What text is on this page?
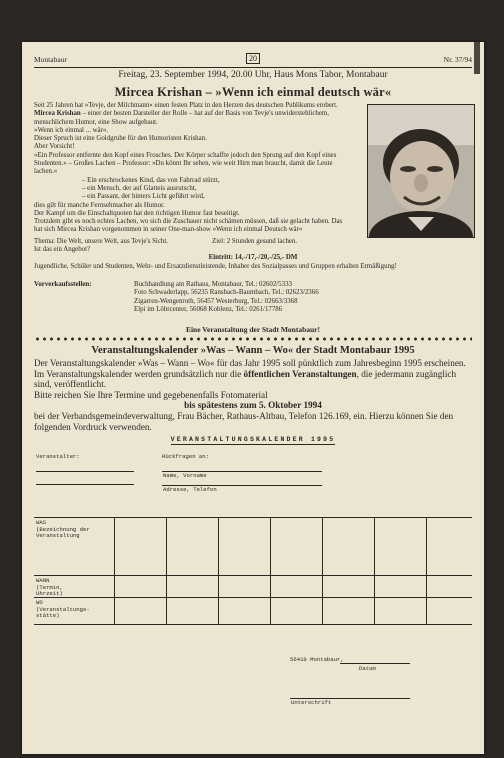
Montabaur	20	Nr. 37/94
Freitag, 23. September 1994, 20.00 Uhr, Haus Mons Tabor, Montabaur
Mircea Krishan – »Wenn ich einmal deutsch wär«

Seit 25 Jahren hat »Tevje, der Milchmann« einen festen Platz in den Herzen des deutschen Publikums erobert.

Mircea Krishan – einer der besten Darsteller der Rolle – hat auf der Basis von Tevje's unwiderstehlichem, menschlichem Humor, eine Show aufgebaut.

»Wenn ich einmal ... wär«.

Dieser Spruch ist eine Goldgrube für den Humoristen Krishan.

Aber Vorsicht!

»Ein Professor entfernte den Kopf eines Frosches. Der Körper schaffte jedoch den Sprung auf den Kopf eines Studenten.« – Großes Lachen – Professor: »Du könnt Ihr sehen, wie weit Hirn man braucht, damit die Leute lachen.«

– Ein erschrockenes Kind, das von Fahrrad stürzt,

– ein Mensch, der auf Glatteis ausrutscht,

– ein Passant, der hinters Licht geführt wird,

dies gilt für manche Fernsehmacher als Humor.

Der Kampf um die Einschaltquoten hat den richtigen Humor fast beseitigt.

Trotzdem gibt es noch echtes Lachen, wo sich die Zuschauer nicht schämen müssen, daß sie gelacht haben. Das hat sich Mircea Krishan vorgenommen in seiner One-man-show »Wenn ich einmal Deutsch wär«

Thema: Die Welt, unsere Welt, aus Tevje's Sicht.	Ziel: 2 Stunden gesund lachen.
Ist das ein Angebot?
Eintritt: 14,-/17,-/20,-/25,- DM
Jugendliche, Schüler und Studenten, Wehr- und Ersatzdienstleistende, Inhaber des Sozialpasses und Gruppen erhalten Ermäßigung!
Vorverkaufsstellen:	Buchhandlung am Rathaus, Montabaur, Tel.: 02602/5333
Foto Schwaderlapp, 56235 Ransbach-Baumbach, Tel.: 02623/2366
Zigarren-Wengenroth, 56457 Westerburg, Tel.: 02663/3368
Elpi im Löhrcenter, 56068 Koblenz, Tel.: 0261/17786
Eine Veranstaltung der Stadt Montabaur!
Veranstaltungskalender »Was – Wann – Wo« der Stadt Montabaur 1995

Der Veranstaltungskalender »Was – Wann – Wo« für das Jahr 1995 soll pünktlich zum Jahresbeginn 1995 erscheinen.

Im Veranstaltungskalender werden grundsätzlich nur die öffentlichen Veranstaltungen, die jedermann zugänglich sind, veröffentlicht.

Bitte reichen Sie Ihre Termine und gegebenenfalls Fotomaterial

bis spätestens zum 5. Oktober 1994

bei der Verbandsgemeindeverwaltung, Frau Bächer, Rathaus-Altbau, Telefon 126.169, ein. Hierzu können Sie den folgenden Vordruck verwenden.

VERANSTALTUNGSKALENDER 1995
Veranstalter:	Rückfragen an:
Name, Vorname
Adresse, Telefon
WAS
(Bezeichnung der
Veranstaltung
WANN
(Termin,
Uhrzeit)
WO
(Veranstaltungs-
stätte)
56410 Montabaur,
Datum
Unterschrift
